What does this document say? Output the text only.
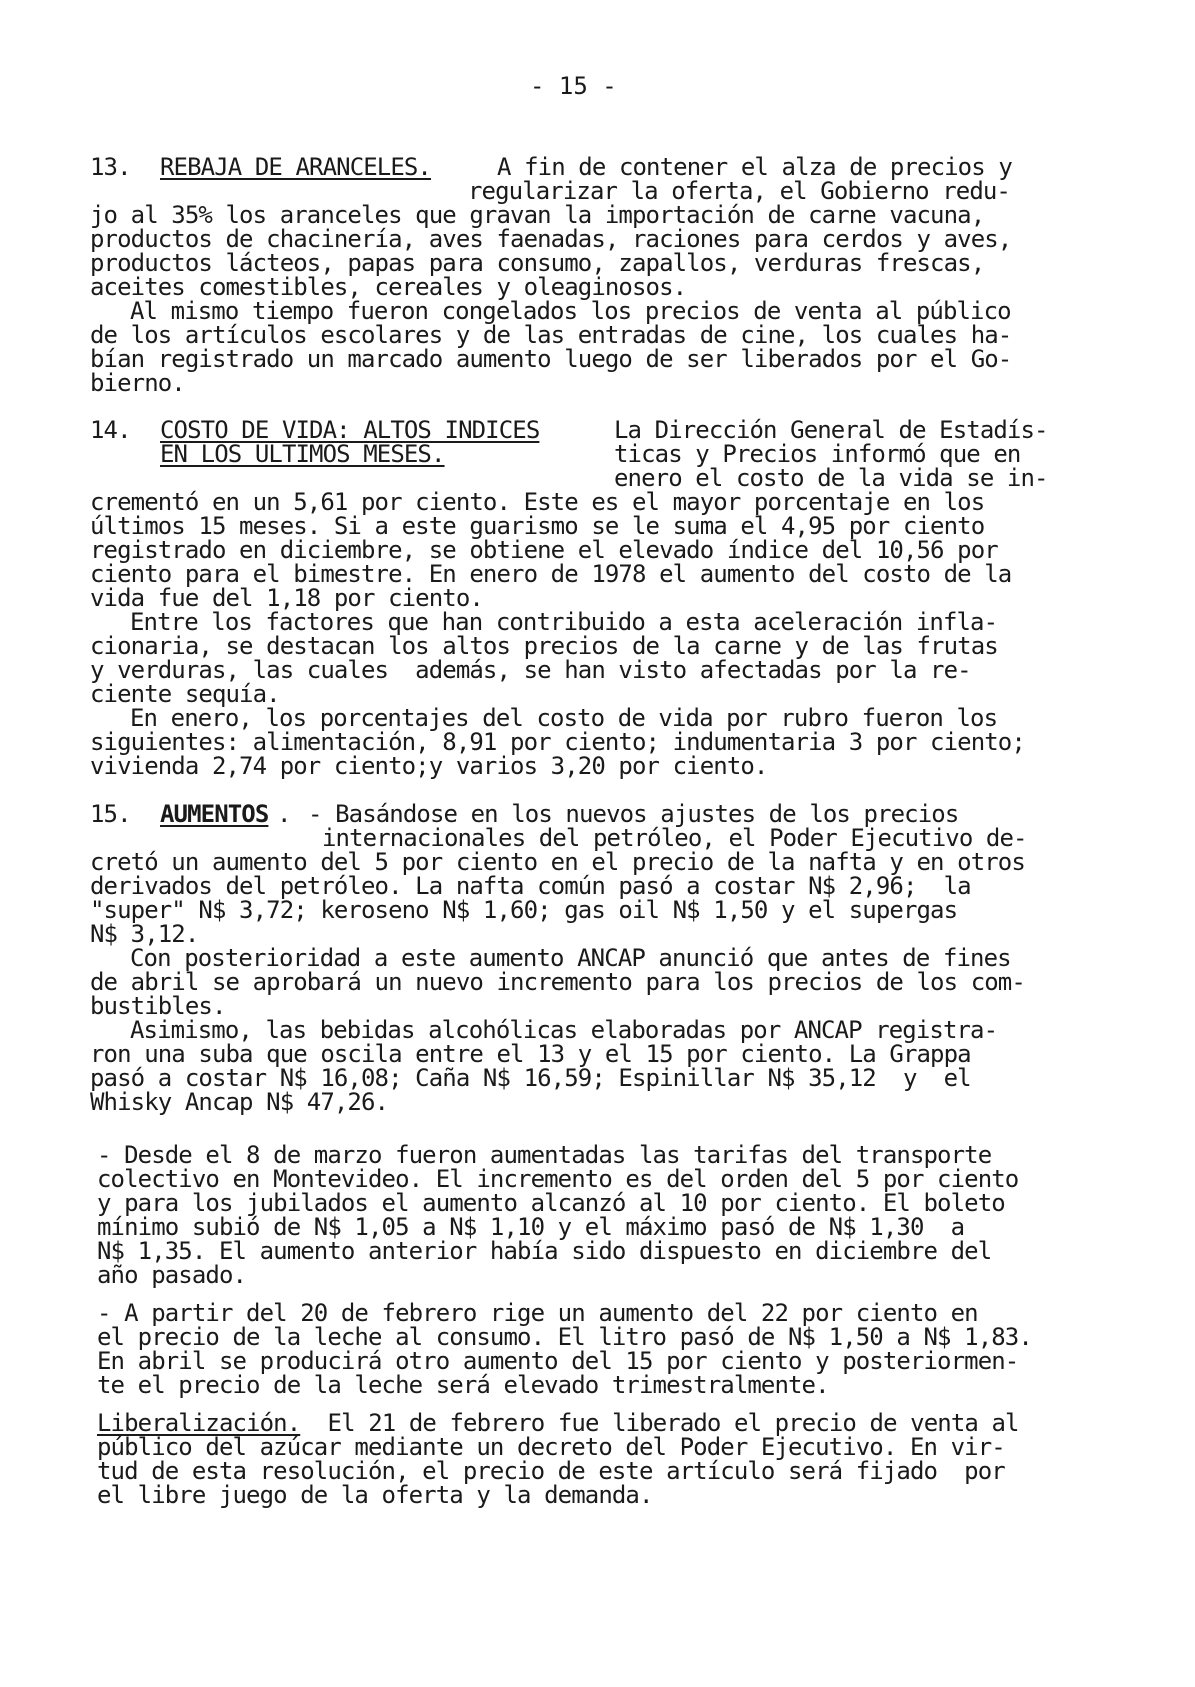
- 15 -
13. REBAJA DE ARANCELES.	A fin de contener el alza de precios y
regularizar la oferta, el Gobierno redu-
jo al 35% los aranceles que gravan la importación de carne vacuna,
productos de chacinería, aves faenadas, raciones para cerdos y aves,
productos lácteos, papas para consumo, zapallos, verduras frescas,
aceites comestibles, cereales y oleaginosos.
Al mismo tiempo fueron congelados los precios de venta al público
de los artículos escolares y de las entradas de cine, los cuales ha-
bían registrado un marcado aumento luego de ser liberados por el Go-
bierno.
14. COSTO DE VIDA: ALTOS INDICES
EN LOS ULTIMOS MESES.
La Dirección General de Estadís-
ticas y Precios informó que en
enero el costo de la vida se in-
crementó en un 5,61 por ciento. Este es el mayor porcentaje en los
últimos 15 meses. Si a este guarismo se le suma el 4,95 por ciento
registrado en diciembre, se obtiene el elevado índice del 10,56 por
ciento para el bimestre. En enero de 1978 el aumento del costo de la
vida fue del 1,18 por ciento.
Entre los factores que han contribuido a esta aceleración infla-
cionaria, se destacan los altos precios de la carne y de las frutas
y verduras, las cuales  además, se han visto afectadas por la re-
ciente sequía.
En enero, los porcentajes del costo de vida por rubro fueron los
siguientes: alimentación, 8,91 por ciento; indumentaria 3 por ciento;
vivienda 2,74 por ciento;y varios 3,20 por ciento.
15. AUMENTOS . - Basándose en los nuevos ajustes de los precios
internacionales del petróleo, el Poder Ejecutivo de-
cretó un aumento del 5 por ciento en el precio de la nafta y en otros
derivados del petróleo. La nafta común pasó a costar N$ 2,96;  la
"super" N$ 3,72; keroseno N$ 1,60; gas oil N$ 1,50 y el supergas
N$ 3,12.
Con posterioridad a este aumento ANCAP anunció que antes de fines
de abril se aprobará un nuevo incremento para los precios de los com-
bustibles.
Asimismo, las bebidas alcohólicas elaboradas por ANCAP registra-
ron una suba que oscila entre el 13 y el 15 por ciento. La Grappa
pasó a costar N$ 16,08; Caña N$ 16,59; Espinillar N$ 35,12  y  el
Whisky Ancap N$ 47,26.
- Desde el 8 de marzo fueron aumentadas las tarifas del transporte
colectivo en Montevideo. El incremento es del orden del 5 por ciento
y para los jubilados el aumento alcanzó al 10 por ciento. El boleto
mínimo subió de N$ 1,05 a N$ 1,10 y el máximo pasó de N$ 1,30  a
N$ 1,35. El aumento anterior había sido dispuesto en diciembre del
año pasado.
- A partir del 20 de febrero rige un aumento del 22 por ciento en
el precio de la leche al consumo. El litro pasó de N$ 1,50 a N$ 1,83.
En abril se producirá otro aumento del 15 por ciento y posteriormen-
te el precio de la leche será elevado trimestralmente.
Liberalización. El 21 de febrero fue liberado el precio de venta al
público del azúcar mediante un decreto del Poder Ejecutivo. En vir-
tud de esta resolución, el precio de este artículo será fijado  por
el libre juego de la oferta y la demanda.
